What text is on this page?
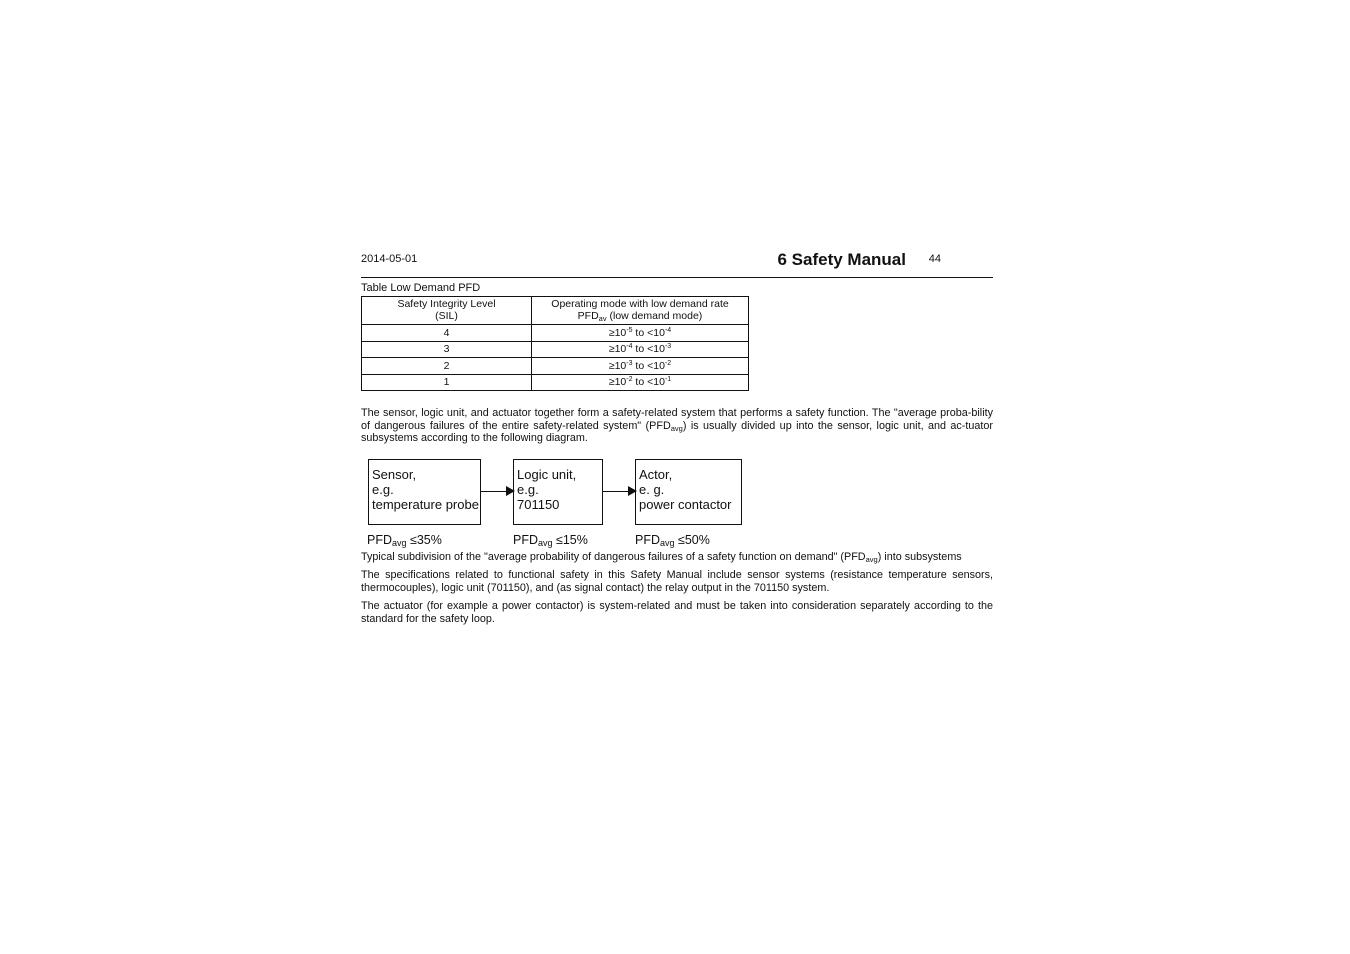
2014-05-01	6 Safety Manual 44
Table Low Demand PFD
Safety Integrity Level
(SIL)	Operating mode with low demand rate
$PFD_{av}$ (low demand mode)
4	$\ge 10^{-5}$ to $<10^{-4}$
3	$\ge 10^{-4}$ to $<10^{-3}$
2	$\ge 10^{-3}$ to $<10^{-2}$
1	$\ge 10^{-2}$ to $<10^{-1}$

The sensor, logic unit, and actuator together form a safety-related system that performs a safety function. The "average proba-bility of dangerous failures of the entire safety-related system" $(PFD_{avg})$ is usually divided up into the sensor, logic unit, and ac-tuator subsystems according to the following diagram.

Sensor,
e.g.
temperature probe
Logic unit,
e.g.
701150
Actor,
e. g.
power contactor
$PFD_{avg} \le 35\%$	$PFD_{avg} \le 15\%$	$PFD_{avg} \le 50\%$

Typical subdivision of the "average probability of dangerous failures of a safety function on demand" $(PFD_{avg})$ into subsystems

The specifications related to functional safety in this Safety Manual include sensor systems (resistance temperature sensors, thermocouples), logic unit (701150), and (as signal contact) the relay output in the 701150 system.

The actuator (for example a power contactor) is system-related and must be taken into consideration separately according to the standard for the safety loop.
